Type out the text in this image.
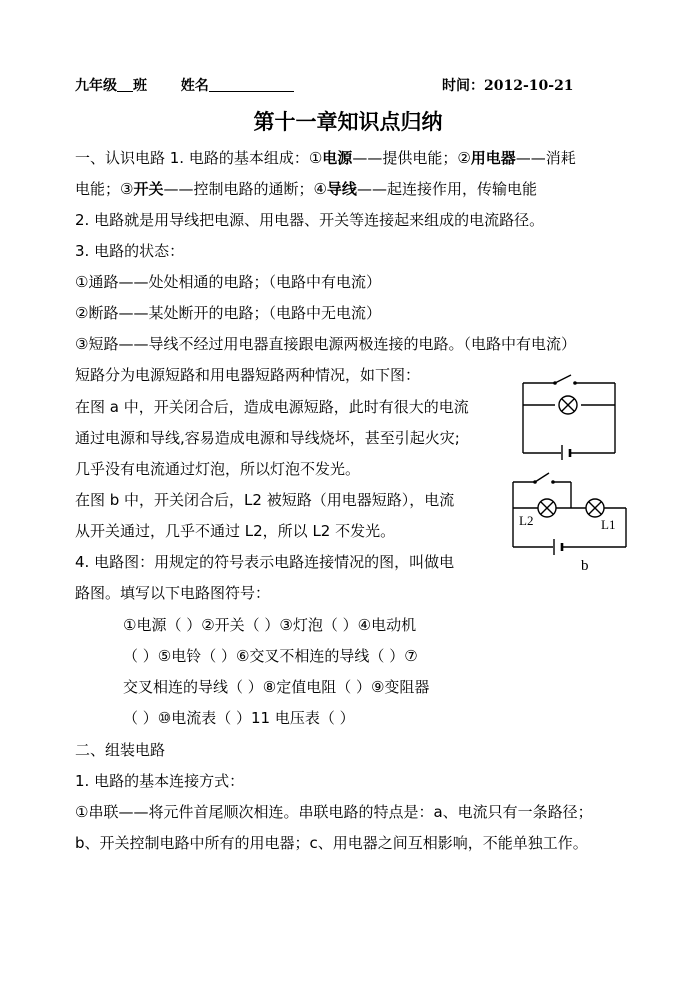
九年级 班 姓名	时间：2012-10-21
第十一章知识点归纳
一、认识电路 1. 电路的基本组成：①电源——提供电能；②用电器——消耗
电能；③开关——控制电路的通断；④导线——起连接作用，传输电能
2. 电路就是用导线把电源、用电器、开关等连接起来组成的电流路径。
3. 电路的状态：
①通路——处处相通的电路；（电路中有电流）
②断路——某处断开的电路；（电路中无电流）
③短路——导线不经过用电器直接跟电源两极连接的电路。（电路中有电流）
短路分为电源短路和用电器短路两种情况，如下图：
在图 a 中，开关闭合后，造成电源短路，此时有很大的电流
通过电源和导线,容易造成电源和导线烧坏，甚至引起火灾;
几乎没有电流通过灯泡，所以灯泡不发光。
在图 b 中，开关闭合后，L2 被短路（用电器短路），电流
从开关通过，几乎不通过 L2，所以 L2 不发光。
4. 电路图：用规定的符号表示电路连接情况的图，叫做电
路图。填写以下电路图符号：
①电源（ ）②开关（ ）③灯泡（ ）④电动机
（ ）⑤电铃（ ）⑥交叉不相连的导线（ ）⑦
交叉相连的导线（ ）⑧定值电阻（ ）⑨变阻器
（ ）⑩电流表（ ）11 电压表（ ）
二、组装电路
1. 电路的基本连接方式：
①串联——将元件首尾顺次相连。串联电路的特点是：a、电流只有一条路径；
b、开关控制电路中所有的用电器；c、用电器之间互相影响，不能单独工作。
L2	L1
b
